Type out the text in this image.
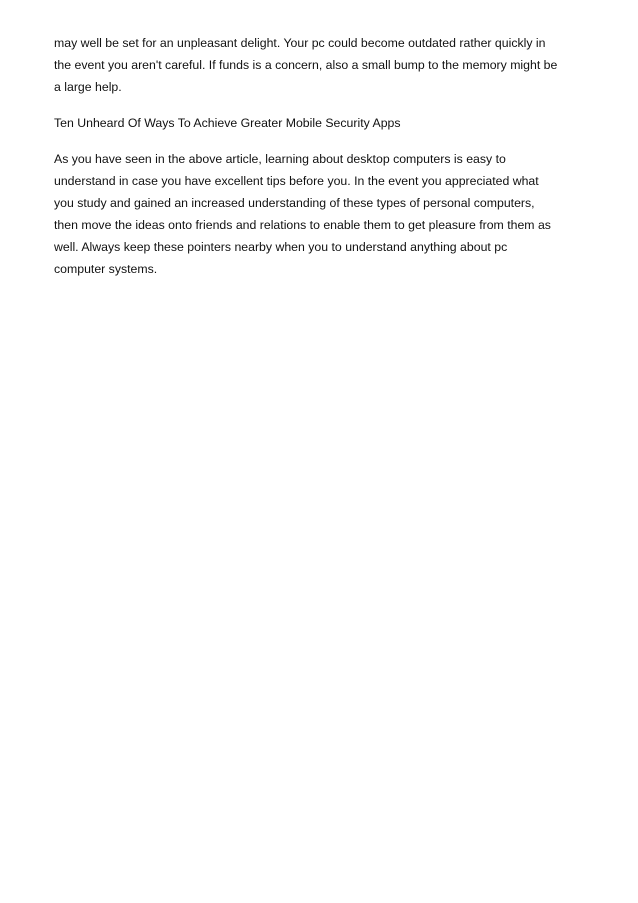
may well be set for an unpleasant delight. Your pc could become outdated rather quickly in
the event you aren't careful. If funds is a concern, also a small bump to the memory might be
a large help.

Ten Unheard Of Ways To Achieve Greater Mobile Security Apps

As you have seen in the above article, learning about desktop computers is easy to
understand in case you have excellent tips before you. In the event you appreciated what
you study and gained an increased understanding of these types of personal computers,
then move the ideas onto friends and relations to enable them to get pleasure from them as
well. Always keep these pointers nearby when you to understand anything about pc
computer systems.
